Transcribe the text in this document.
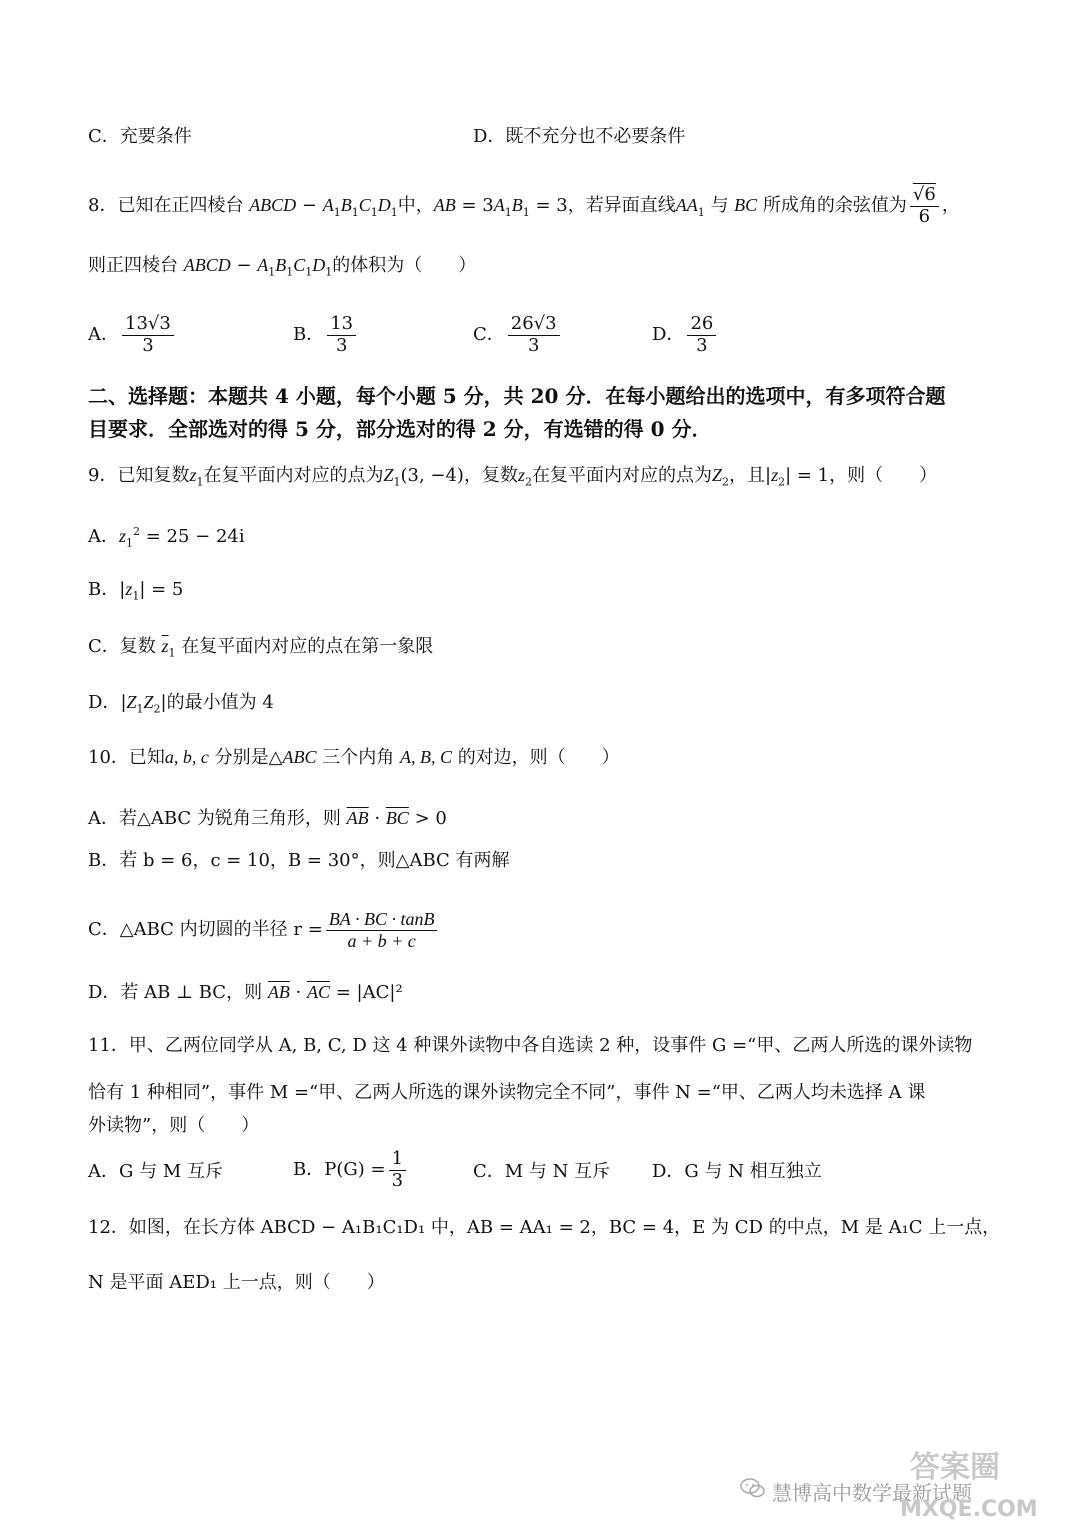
C．充要条件	D．既不充分也不必要条件
8．已知在正四棱台 ABCD − $A_1B_1C_1D_1$中，AB = $3A_1B_1 = 3$，若异面直线$AA_1$ 与 BC 所成角的余弦值为 $\frac{√6}{6}$ ，
则正四棱台 ABCD − $A_1B_1C_1D_1$的体积为（　　）
A． $\frac{13√3}{3}$	B． $\frac{13}{3}$	C． $\frac{26√3}{3}$	D． $\frac{26}{3}$
二、选择题：本题共 4 小题，每个小题 5 分，共 20 分．在每小题给出的选项中，有多项符合题
目要求．全部选对的得 5 分，部分选对的得 2 分，有选错的得 0 分．
9．已知复数$z_1$在复平面内对应的点为$Z_1(3$, −4)，复数$z_2$在复平面内对应的点为$Z_2$，且$|z_2| = 1$，则（　　）
A．$z_1^2 = 25 - 24i$
B．$|z_1| = 5$
C．复数 $\overline{z}_1$ 在复平面内对应的点在第一象限
D．$|Z_1Z_2|$的最小值为 4
10．已知a, b, c 分别是△ABC 三个内角 A, B, C 的对边，则（　　）
A．若△ABC 为锐角三角形，则 $\overline{AB} \cdot \overline{BC} > 0$
B．若 b = 6，c = 10，B = 30°，则△ABC 有两解
C．△ABC 内切圆的半径 $r = \frac{BA \cdot BC \cdot \tan B}{a + b + c}$
D．若 AB ⊥ BC，则 $\overline{AB} \cdot \overline{AC} = |AC|^2$
11．甲、乙两位同学从 A, B, C, D 这 4 种课外读物中各自选读 2 种，设事件 G =“甲、乙两人所选的课外读物
恰有 1 种相同”，事件 M =“甲、乙两人所选的课外读物完全不同”，事件 N =“甲、乙两人均未选择 A 课
外读物”，则（　　）
A．G 与 M 互斥	B．$P(G) = \frac{1}{3}$	C．M 与 N 互斥 D．G 与 N 相互独立
12．如图，在长方体 ABCD − A₁B₁C₁D₁ 中，AB = AA₁ = 2，BC = 4，E 为 CD 的中点，M 是 A₁C 上一点，
N 是平面 AED₁ 上一点，则（　　）
慧博高中数学最新试题
答案圈
MXQE.COM
